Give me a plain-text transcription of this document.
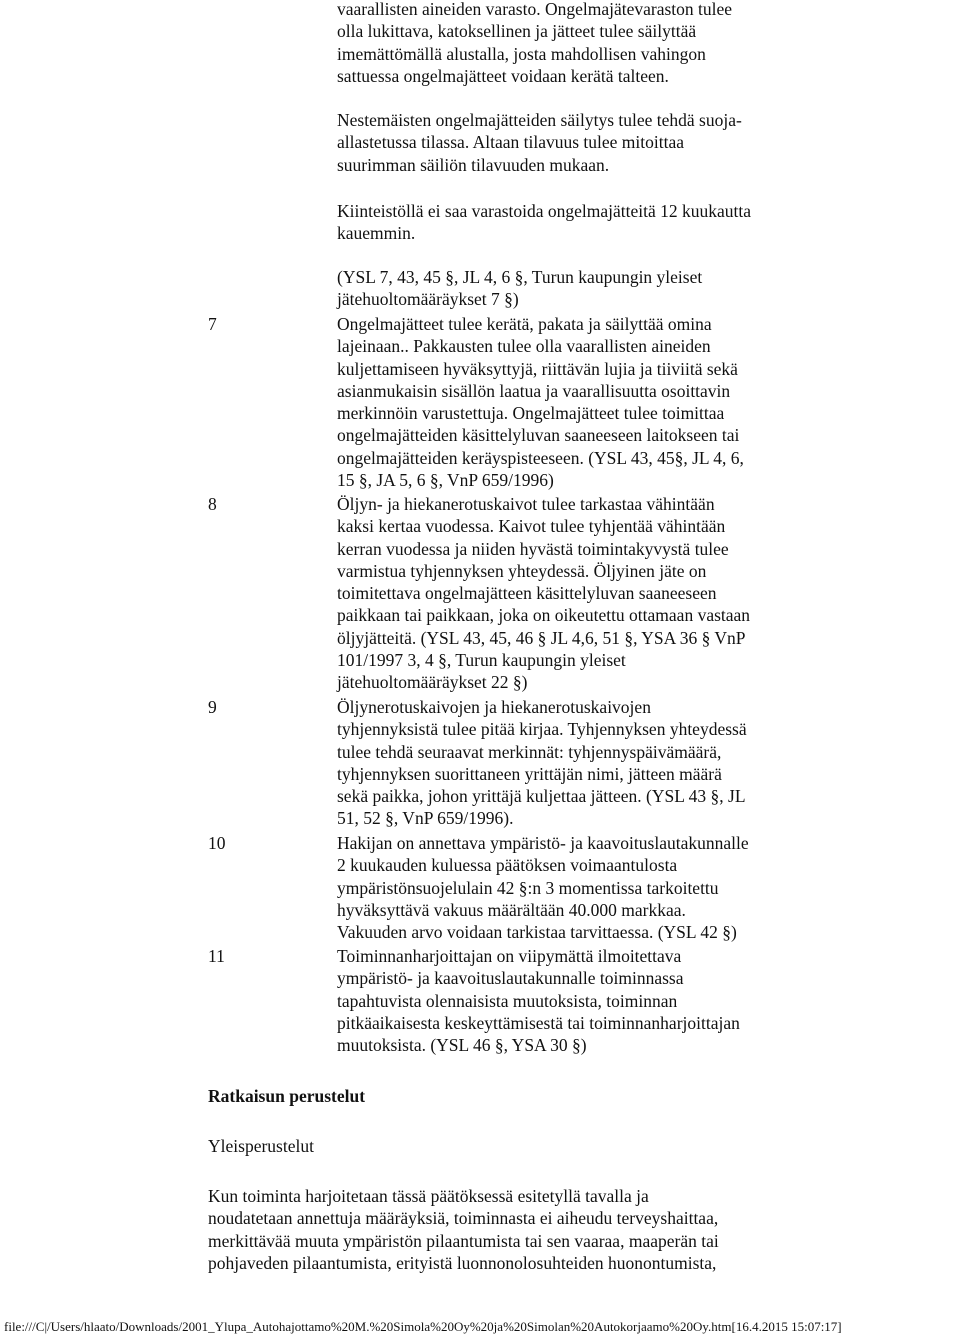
vaarallisten aineiden varasto. Ongelmajätevaraston tulee
olla lukittava, katoksellinen ja jätteet tulee säilyttää
imemättömällä alustalla, josta mahdollisen vahingon
sattuessa ongelmajätteet voidaan kerätä talteen.
Nestemäisten ongelmajätteiden säilytys tulee tehdä suoja-
allastetussa tilassa. Altaan tilavuus tulee mitoittaa
suurimman säiliön tilavuuden mukaan.
Kiinteistöllä ei saa varastoida ongelmajätteitä 12 kuukautta
kauemmin.
(YSL 7, 43, 45 §, JL 4, 6 §, Turun kaupungin yleiset
jätehuoltomääräykset 7 §)
7	Ongelmajätteet tulee kerätä, pakata ja säilyttää omina
lajeinaan.. Pakkausten tulee olla vaarallisten aineiden
kuljettamiseen hyväksyttyjä, riittävän lujia ja tiiviitä sekä
asianmukaisin sisällön laatua ja vaarallisuutta osoittavin
merkinnöin varustettuja. Ongelmajätteet tulee toimittaa
ongelmajätteiden käsittelyluvan saaneeseen laitokseen tai
ongelmajätteiden keräyspisteeseen. (YSL 43, 45§, JL 4, 6,
15 §, JA 5, 6 §, VnP 659/1996)
8	Öljyn- ja hiekanerotuskaivot tulee tarkastaa vähintään
kaksi kertaa vuodessa. Kaivot tulee tyhjentää vähintään
kerran vuodessa ja niiden hyvästä toimintakyvystä tulee
varmistua tyhjennyksen yhteydessä. Öljyinen jäte on
toimitettava ongelmajätteen käsittelyluvan saaneeseen
paikkaan tai paikkaan, joka on oikeutettu ottamaan vastaan
öljyjätteitä. (YSL 43, 45, 46 § JL 4,6, 51 §, YSA 36 § VnP
101/1997 3, 4 §, Turun kaupungin yleiset
jätehuoltomääräykset 22 §)
9	Öljynerotuskaivojen ja hiekanerotuskaivojen
tyhjennyksistä tulee pitää kirjaa. Tyhjennyksen yhteydessä
tulee tehdä seuraavat merkinnät: tyhjennyspäivämäärä,
tyhjennyksen suorittaneen yrittäjän nimi, jätteen määrä
sekä paikka, johon yrittäjä kuljettaa jätteen. (YSL 43 §, JL
51, 52 §, VnP 659/1996).
10	Hakijan on annettava ympäristö- ja kaavoituslautakunnalle
2 kuukauden kuluessa päätöksen voimaantulosta
ympäristönsuojelulain 42 §:n 3 momentissa tarkoitettu
hyväksyttävä vakuus määrältään 40.000 markkaa.
Vakuuden arvo voidaan tarkistaa tarvittaessa. (YSL 42 §)
11	Toiminnanharjoittajan on viipymättä ilmoitettava
ympäristö- ja kaavoituslautakunnalle toiminnassa
tapahtuvista olennaisista muutoksista, toiminnan
pitkäaikaisesta keskeyttämisestä tai toiminnanharjoittajan
muutoksista. (YSL 46 §, YSA 30 §)
Ratkaisun perustelut
Yleisperustelut
Kun toiminta harjoitetaan tässä päätöksessä esitetyllä tavalla ja
noudatetaan annettuja määräyksiä, toiminnasta ei aiheudu terveyshaittaa,
merkittävää muuta ympäristön pilaantumista tai sen vaaraa, maaperän tai
pohjaveden pilaantumista, erityistä luonnonolosuhteiden huonontumista,
file:///C|/Users/hlaato/Downloads/2001_Ylupa_Autohajottamo%20M.%20Simola%20Oy%20ja%20Simolan%20Autokorjaamo%20Oy.htm[16.4.2015 15:07:17]
